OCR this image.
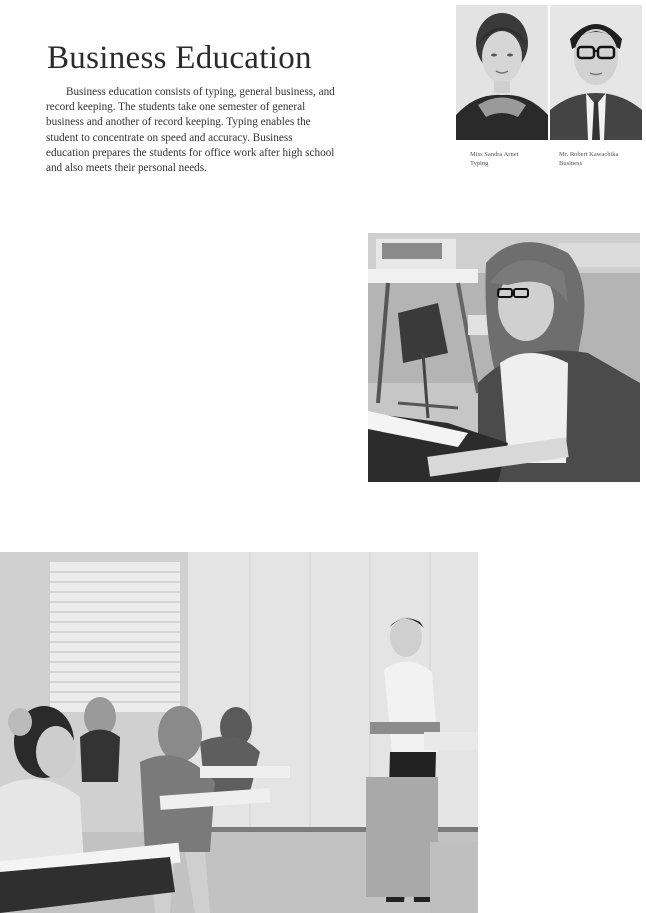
Business Education
Business education consists of typing, general business, and record keeping. The students take one semester of general business and another of record keeping. Typing enables the student to concentrate on speed and accuracy. Business education prepares the students for office work after high school and also meets their personal needs.
Miss Sandra Arnet
Typing
Mr. Robert Kawachika
Business
